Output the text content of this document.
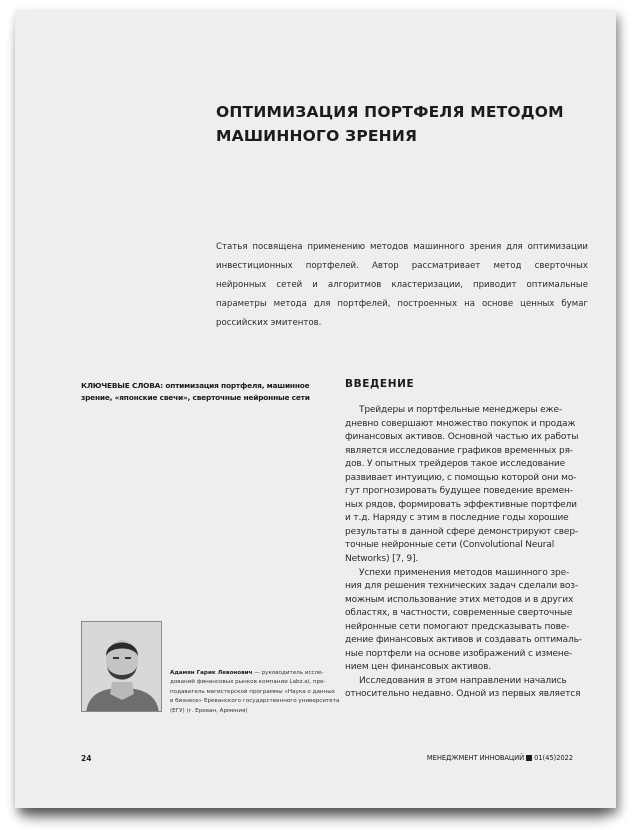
ОПТИМИЗАЦИЯ ПОРТФЕЛЯ МЕТОДОМ
МАШИННОГО ЗРЕНИЯ

Статья посвящена применению методов машинного зрения для оптимизации инвестиционных портфелей. Автор рассматривает метод сверточных нейронных сетей и алгоритмов кластеризации, приводит оптимальные параметры метода для портфелей, построенных на основе ценных бумаг российских эмитентов.

КЛЮЧЕВЫЕ СЛОВА: оптимизация портфеля, машинное зрение, «японские свечи», сверточные нейронные сети

ВВЕДЕНИЕ
Трейдеры и портфельные менеджеры еже-
дневно совершают множество покупок и продаж
финансовых активов. Основной частью их работы
является исследование графиков временных ря-
дов. У опытных трейдеров такое исследование
развивает интуицию, с помощью которой они мо-
гут прогнозировать будущее поведение времен-
ных рядов, формировать эффективные портфели
и т.д. Наряду с этим в последние годы хорошие
результаты в данной сфере демонстрируют свер-
точные нейронные сети (Convolutional Neural
Networks) [7, 9].
Успехи применения методов машинного зре-
ния для решения технических задач сделали воз-
можным использование этих методов и в других
областях, в частности, современные сверточные
нейронные сети помогают предсказывать пове-
дение финансовых активов и создавать оптималь-
ные портфели на основе изображений с измене-
нием цен финансовых активов.
Исследования в этом направлении начались
относительно недавно. Одной из первых является

Адамян Гарик Левонович — руководитель иссле-
дований финансовых рынков компании Labz.ai, пре-
подаватель магистерской программы «Наука о данных
в бизнесе» Ереванского государственного университета
(ЕГУ) (г. Ереван, Армения)

24	МЕНЕДЖМЕНТ ИННОВАЦИЙ 01(45)2022
